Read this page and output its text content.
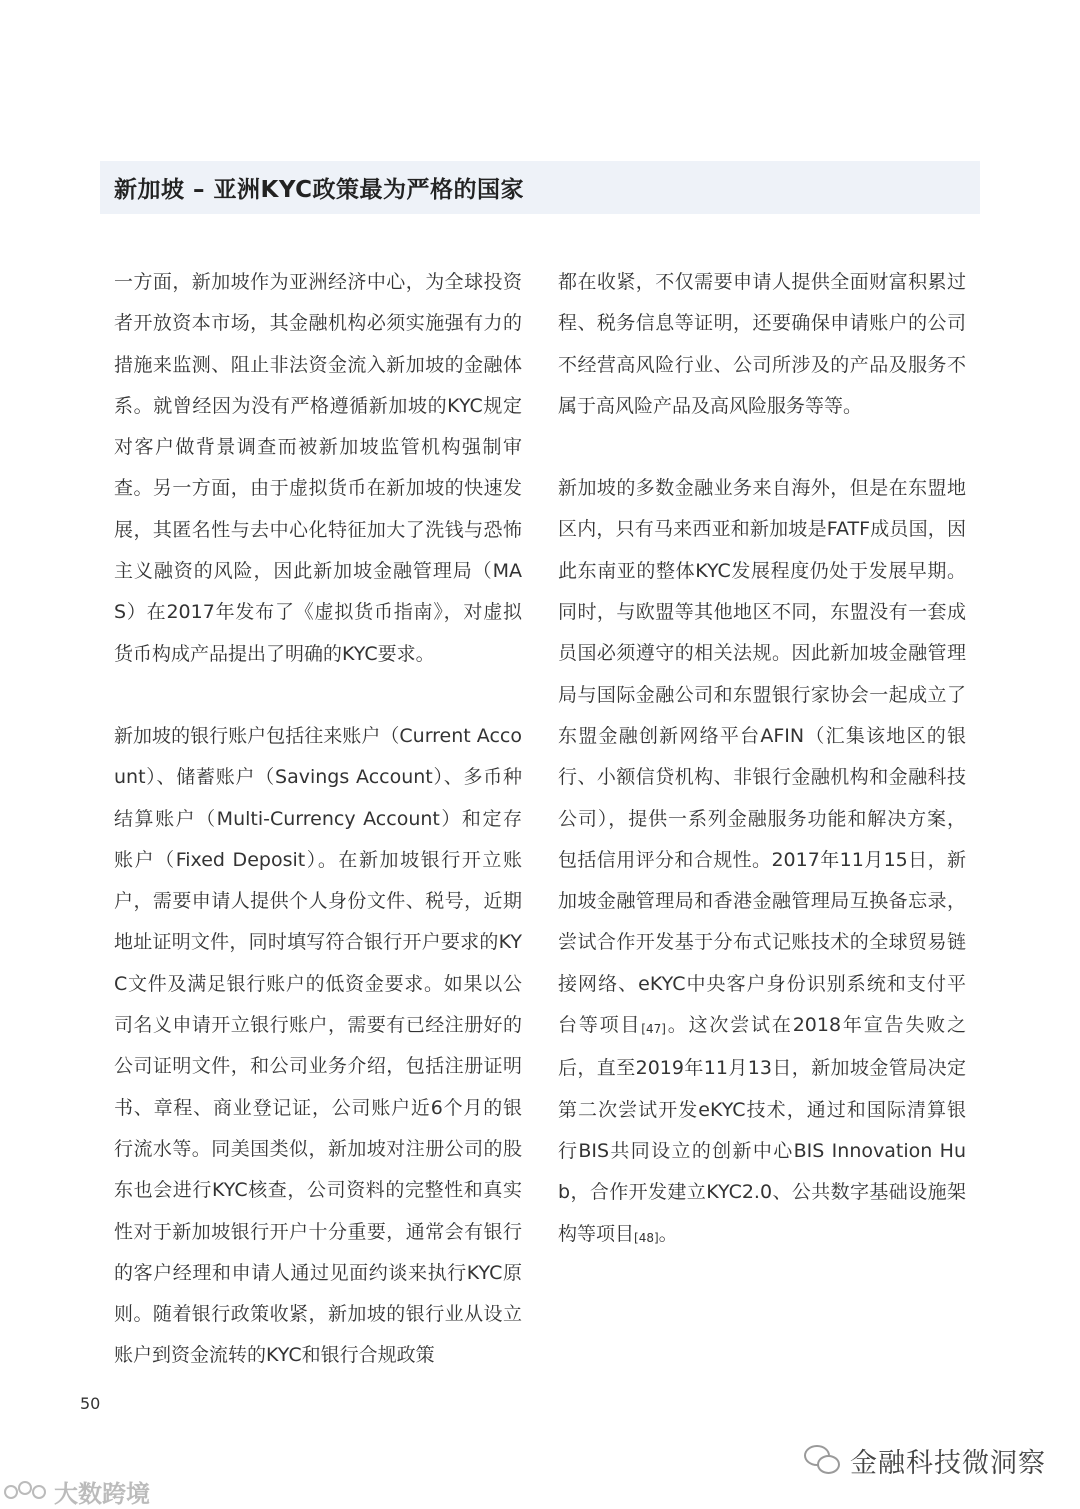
新加坡 – 亚洲KYC政策最为严格的国家

一方面，新加坡作为亚洲经济中心，为全球投资者开放资本市场，其金融机构必须实施强有力的措施来监测、阻止非法资金流入新加坡的金融体系。就曾经因为没有严格遵循新加坡的KYC规定对客户做背景调查而被新加坡监管机构强制审查。另一方面，由于虚拟货币在新加坡的快速发展，其匿名性与去中心化特征加大了洗钱与恐怖主义融资的风险，因此新加坡金融管理局（MAS）在2017年发布了《虚拟货币指南》，对虚拟货币构成产品提出了明确的KYC要求。

新加坡的银行账户包括往来账户（Current Account）、储蓄账户（Savings Account）、多币种结算账户（Multi-Currency Account）和定存账户（Fixed Deposit）。在新加坡银行开立账户，需要申请人提供个人身份文件、税号，近期地址证明文件，同时填写符合银行开户要求的KYC文件及满足银行账户的低资金要求。如果以公司名义申请开立银行账户，需要有已经注册好的公司证明文件，和公司业务介绍，包括注册证明书、章程、商业登记证，公司账户近6个月的银行流水等。同美国类似，新加坡对注册公司的股东也会进行KYC核查，公司资料的完整性和真实性对于新加坡银行开户十分重要，通常会有银行的客户经理和申请人通过见面约谈来执行KYC原则。随着银行政策收紧，新加坡的银行业从设立账户到资金流转的KYC和银行合规政策

都在收紧，不仅需要申请人提供全面财富积累过程、税务信息等证明，还要确保申请账户的公司不经营高风险行业、公司所涉及的产品及服务不属于高风险产品及高风险服务等等。

新加坡的多数金融业务来自海外，但是在东盟地区内，只有马来西亚和新加坡是FATF成员国，因此东南亚的整体KYC发展程度仍处于发展早期。同时，与欧盟等其他地区不同，东盟没有一套成员国必须遵守的相关法规。因此新加坡金融管理局与国际金融公司和东盟银行家协会一起成立了东盟金融创新网络平台AFIN（汇集该地区的银行、小额信贷机构、非银行金融机构和金融科技公司），提供一系列金融服务功能和解决方案，包括信用评分和合规性。2017年11月15日，新加坡金融管理局和香港金融管理局互换备忘录，尝试合作开发基于分布式记账技术的全球贸易链接网络、eKYC中央客户身份识别系统和支付平台等项目[47]。这次尝试在2018年宣告失败之后，直至2019年11月13日，新加坡金管局决定第二次尝试开发eKYC技术，通过和国际清算银行BIS共同设立的创新中心BIS Innovation Hub，合作开发建立KYC2.0、公共数字基础设施架构等项目[48]。

50
金融科技微洞察
大数跨境
